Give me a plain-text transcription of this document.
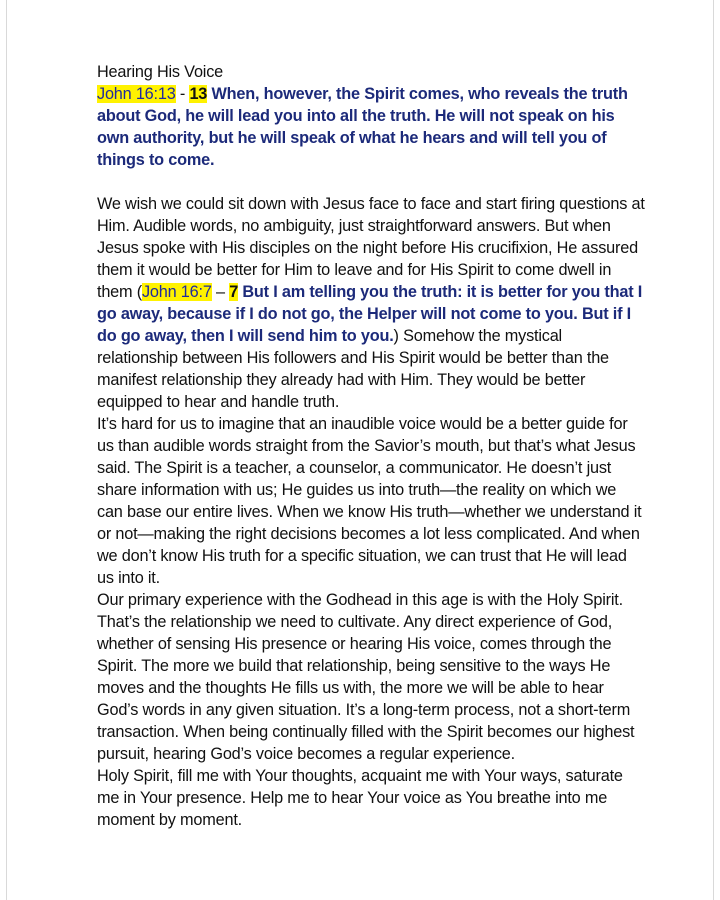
Hearing His Voice

John 16:13 - 13 When, however, the Spirit comes, who reveals the truth about God, he will lead you into all the truth. He will not speak on his own authority, but he will speak of what he hears and will tell you of things to come.

We wish we could sit down with Jesus face to face and start firing questions at Him. Audible words, no ambiguity, just straightforward answers. But when Jesus spoke with His disciples on the night before His crucifixion, He assured them it would be better for Him to leave and for His Spirit to come dwell in them (John 16:7 – 7 But I am telling you the truth: it is better for you that I go away, because if I do not go, the Helper will not come to you. But if I do go away, then I will send him to you.) Somehow the mystical relationship between His followers and His Spirit would be better than the manifest relationship they already had with Him. They would be better equipped to hear and handle truth.

It’s hard for us to imagine that an inaudible voice would be a better guide for us than audible words straight from the Savior’s mouth, but that’s what Jesus said. The Spirit is a teacher, a counselor, a communicator. He doesn’t just share information with us; He guides us into truth—the reality on which we can base our entire lives. When we know His truth—whether we understand it or not—making the right decisions becomes a lot less complicated. And when we don’t know His truth for a specific situation, we can trust that He will lead us into it.

Our primary experience with the Godhead in this age is with the Holy Spirit. That’s the relationship we need to cultivate. Any direct experience of God, whether of sensing His presence or hearing His voice, comes through the Spirit. The more we build that relationship, being sensitive to the ways He moves and the thoughts He fills us with, the more we will be able to hear God’s words in any given situation. It’s a long-term process, not a short-term transaction. When being continually filled with the Spirit becomes our highest pursuit, hearing God’s voice becomes a regular experience.

Holy Spirit, fill me with Your thoughts, acquaint me with Your ways, saturate me in Your presence. Help me to hear Your voice as You breathe into me moment by moment.
